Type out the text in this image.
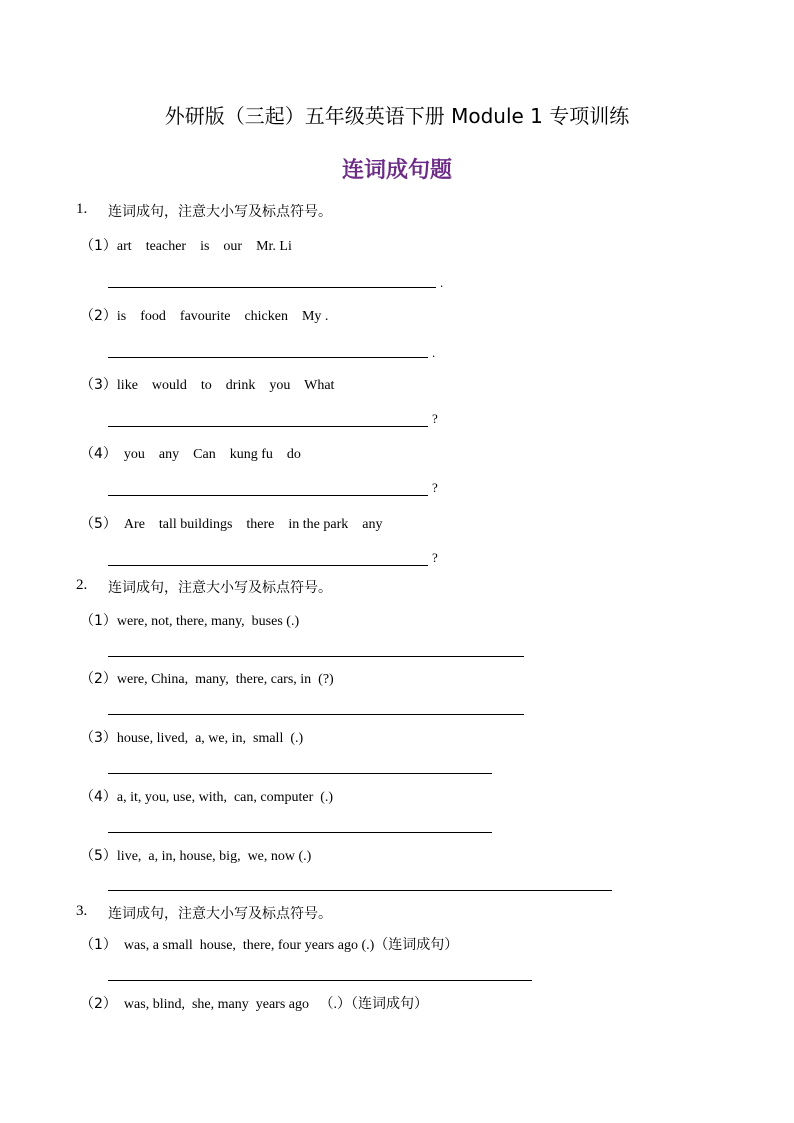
外研版（三起）五年级英语下册 Module 1 专项训练
连词成句题
1. 连词成句，注意大小写及标点符号。
（1）art    teacher    is    our    Mr. Li
.
（2）is    food    favourite    chicken    My .
.
（3）like    would    to    drink    you    What
?
（4）  you    any    Can    kung fu    do
?
（5）  Are    tall buildings    there    in the park    any
?
2. 连词成句，注意大小写及标点符号。
（1）were, not, there, many,  buses (.)
（2）were, China,  many,  there, cars, in  (?)
（3）house, lived,  a, we, in,  small  (.)
（4）a, it, you, use, with,  can, computer  (.)
（5）live,  a, in, house, big,  we, now (.)
3. 连词成句，注意大小写及标点符号。
（1）  was, a small  house,  there, four years ago (.)（连词成句）
（2）  was, blind,  she, many  years ago   （.）（连词成句）
